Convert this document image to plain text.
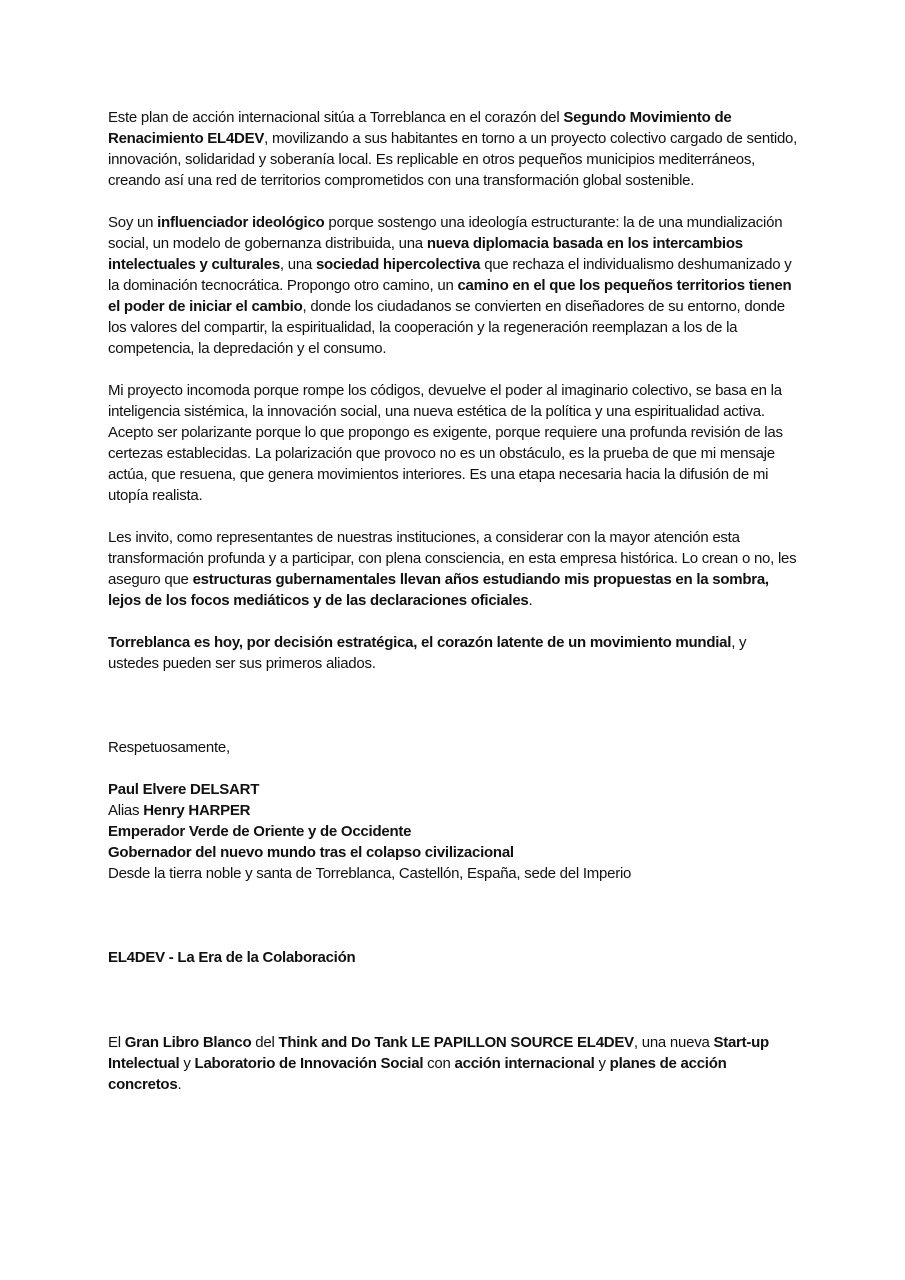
Este plan de acción internacional sitúa a Torreblanca en el corazón del Segundo Movimiento de Renacimiento EL4DEV, movilizando a sus habitantes en torno a un proyecto colectivo cargado de sentido, innovación, solidaridad y soberanía local. Es replicable en otros pequeños municipios mediterráneos, creando así una red de territorios comprometidos con una transformación global sostenible.

Soy un influenciador ideológico porque sostengo una ideología estructurante: la de una mundialización social, un modelo de gobernanza distribuida, una nueva diplomacia basada en los intercambios intelectuales y culturales, una sociedad hipercolectiva que rechaza el individualismo deshumanizado y la dominación tecnocrática. Propongo otro camino, un camino en el que los pequeños territorios tienen el poder de iniciar el cambio, donde los ciudadanos se convierten en diseñadores de su entorno, donde los valores del compartir, la espiritualidad, la cooperación y la regeneración reemplazan a los de la competencia, la depredación y el consumo.

Mi proyecto incomoda porque rompe los códigos, devuelve el poder al imaginario colectivo, se basa en la inteligencia sistémica, la innovación social, una nueva estética de la política y una espiritualidad activa. Acepto ser polarizante porque lo que propongo es exigente, porque requiere una profunda revisión de las certezas establecidas. La polarización que provoco no es un obstáculo, es la prueba de que mi mensaje actúa, que resuena, que genera movimientos interiores. Es una etapa necesaria hacia la difusión de mi utopía realista.

Les invito, como representantes de nuestras instituciones, a considerar con la mayor atención esta transformación profunda y a participar, con plena consciencia, en esta empresa histórica. Lo crean o no, les aseguro que estructuras gubernamentales llevan años estudiando mis propuestas en la sombra, lejos de los focos mediáticos y de las declaraciones oficiales.

Torreblanca es hoy, por decisión estratégica, el corazón latente de un movimiento mundial, y ustedes pueden ser sus primeros aliados.

Respetuosamente,

Paul Elvere DELSART

Alias Henry HARPER

Emperador Verde de Oriente y de Occidente

Gobernador del nuevo mundo tras el colapso civilizacional

Desde la tierra noble y santa de Torreblanca, Castellón, España, sede del Imperio

EL4DEV - La Era de la Colaboración

El Gran Libro Blanco del Think and Do Tank LE PAPILLON SOURCE EL4DEV, una nueva Start-up Intelectual y Laboratorio de Innovación Social con acción internacional y planes de acción concretos.
